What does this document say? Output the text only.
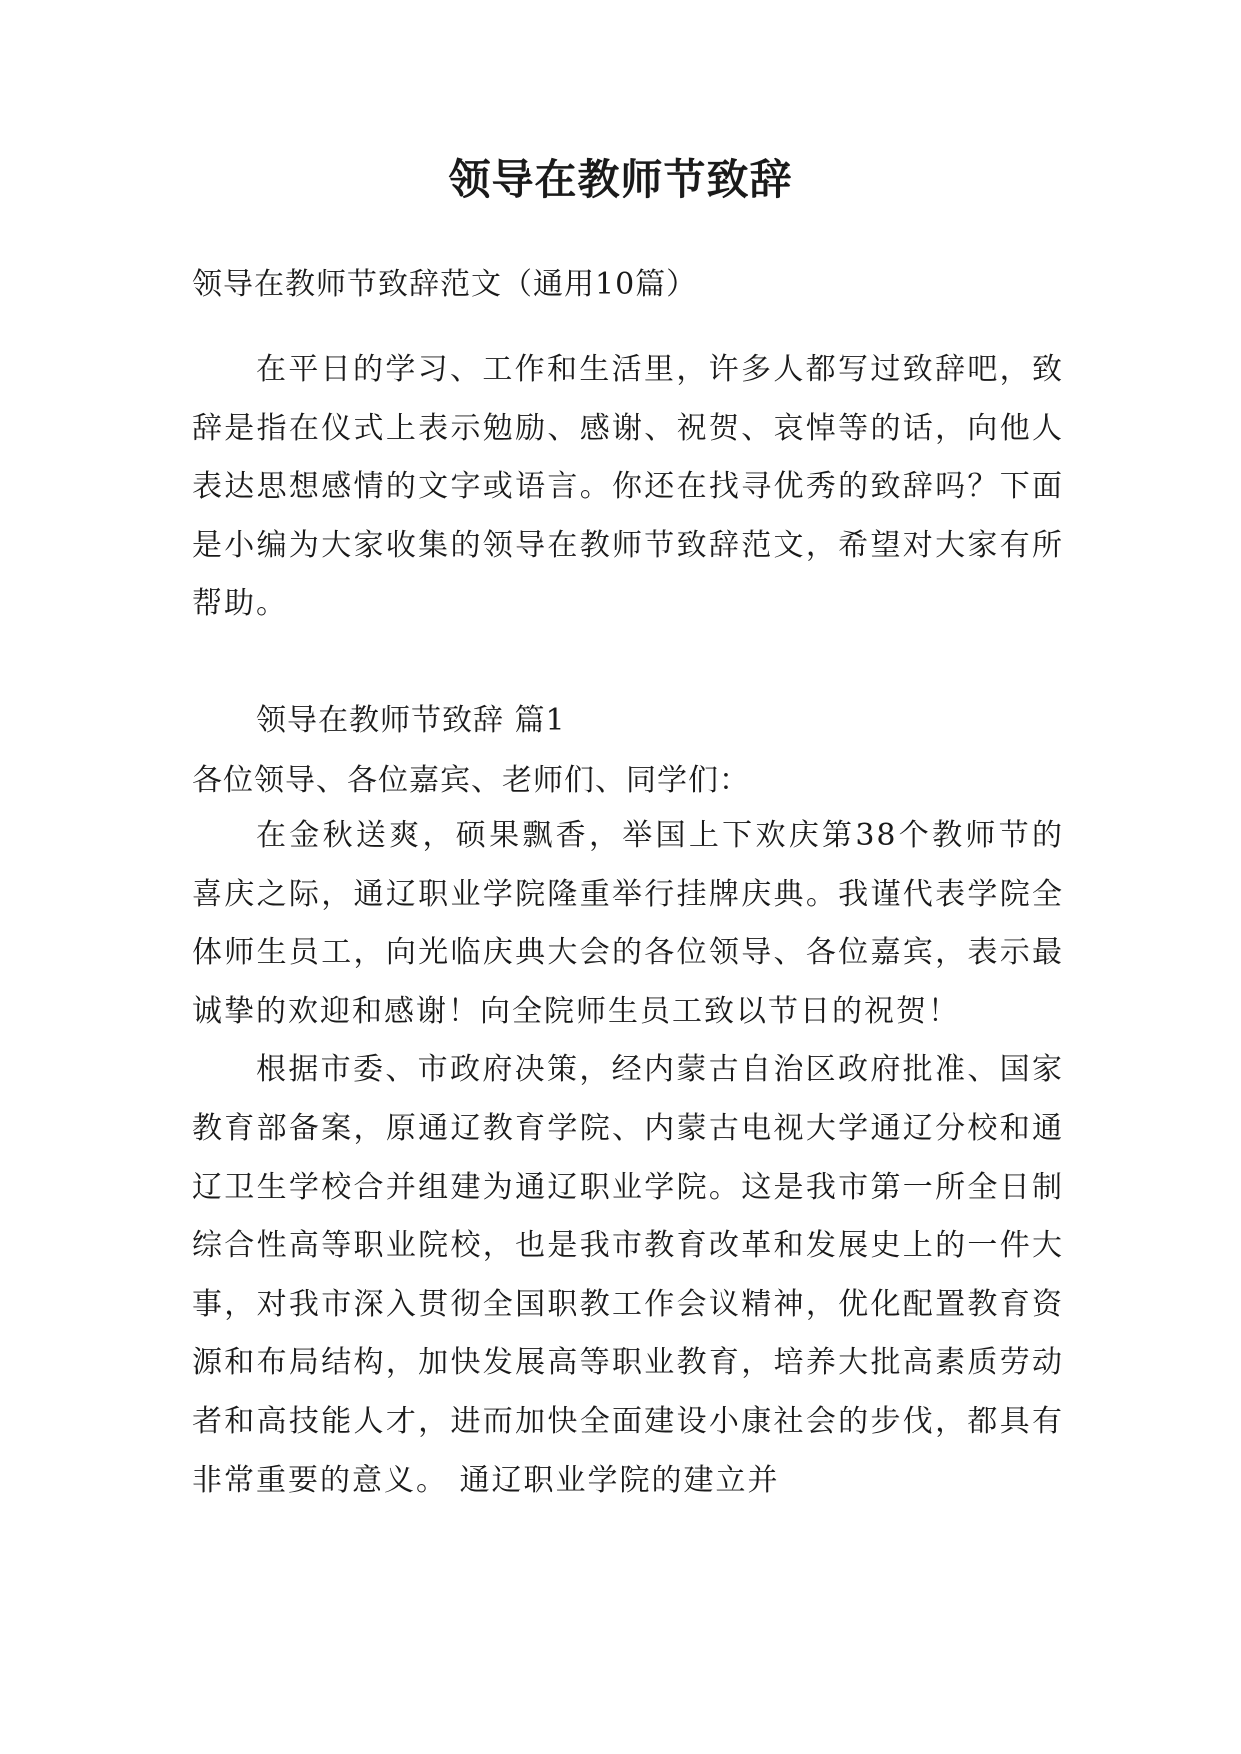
领导在教师节致辞

领导在教师节致辞范文（通用10篇）

在平日的学习、工作和生活里，许多人都写过致辞吧，致辞是指在仪式上表示勉励、感谢、祝贺、哀悼等的话，向他人表达思想感情的文字或语言。你还在找寻优秀的致辞吗？下面是小编为大家收集的领导在教师节致辞范文，希望对大家有所帮助。

领导在教师节致辞 篇1

各位领导、各位嘉宾、老师们、同学们：

在金秋送爽，硕果飘香，举国上下欢庆第38个教师节的喜庆之际，通辽职业学院隆重举行挂牌庆典。我谨代表学院全体师生员工，向光临庆典大会的各位领导、各位嘉宾，表示最诚挚的欢迎和感谢！向全院师生员工致以节日的祝贺！

根据市委、市政府决策，经内蒙古自治区政府批准、国家教育部备案，原通辽教育学院、内蒙古电视大学通辽分校和通辽卫生学校合并组建为通辽职业学院。这是我市第一所全日制综合性高等职业院校，也是我市教育改革和发展史上的一件大事，对我市深入贯彻全国职教工作会议精神，优化配置教育资源和布局结构，加快发展高等职业教育，培养大批高素质劳动者和高技能人才，进而加快全面建设小康社会的步伐，都具有非常重要的意义。 通辽职业学院的建立并
